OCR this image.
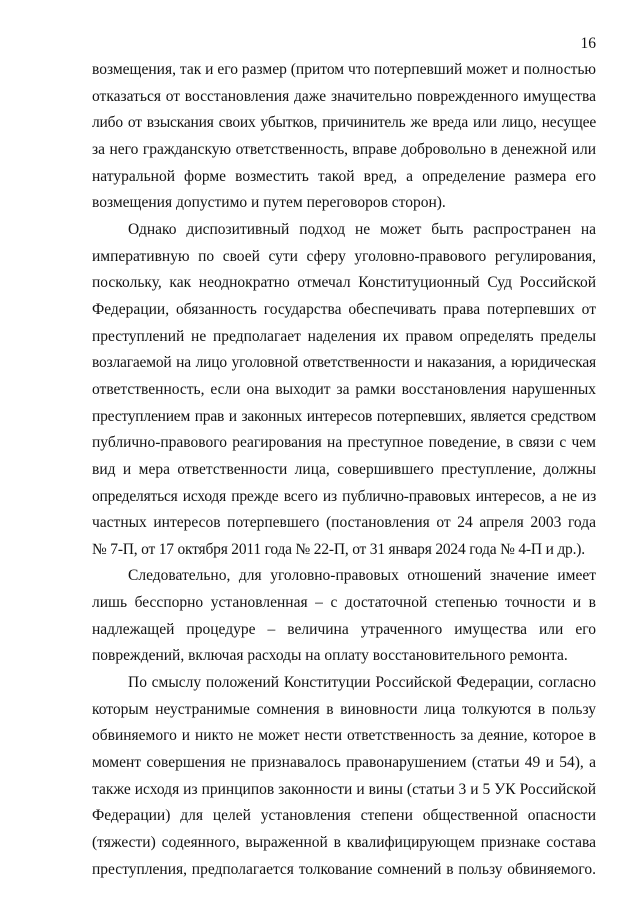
16

возмещения, так и его размер (притом что потерпевший может и полностью
отказаться от восстановления даже значительно поврежденного имущества
либо от взыскания своих убытков, причинитель же вреда или лицо, несущее
за него гражданскую ответственность, вправе добровольно в денежной или
натуральной форме возместить такой вред, а определение размера его
возмещения допустимо и путем переговоров сторон).

Однако диспозитивный подход не может быть распространен на
императивную по своей сути сферу уголовно-правового регулирования,
поскольку, как неоднократно отмечал Конституционный Суд Российской
Федерации, обязанность государства обеспечивать права потерпевших от
преступлений не предполагает наделения их правом определять пределы
возлагаемой на лицо уголовной ответственности и наказания, а юридическая
ответственность, если она выходит за рамки восстановления нарушенных
преступлением прав и законных интересов потерпевших, является средством
публично-правового реагирования на преступное поведение, в связи с чем
вид и мера ответственности лица, совершившего преступление, должны
определяться исходя прежде всего из публично-правовых интересов, а не из
частных интересов потерпевшего (постановления от 24 апреля 2003 года
№ 7-П, от 17 октября 2011 года № 22-П, от 31 января 2024 года № 4-П и др.).

Следовательно, для уголовно-правовых отношений значение имеет
лишь бесспорно установленная – с достаточной степенью точности и в
надлежащей процедуре – величина утраченного имущества или его
повреждений, включая расходы на оплату восстановительного ремонта.

По смыслу положений Конституции Российской Федерации, согласно
которым неустранимые сомнения в виновности лица толкуются в пользу
обвиняемого и никто не может нести ответственность за деяние, которое в
момент совершения не признавалось правонарушением (статьи 49 и 54), а
также исходя из принципов законности и вины (статьи 3 и 5 УК Российской
Федерации) для целей установления степени общественной опасности
(тяжести) содеянного, выраженной в квалифицирующем признаке состава
преступления, предполагается толкование сомнений в пользу обвиняемого.
